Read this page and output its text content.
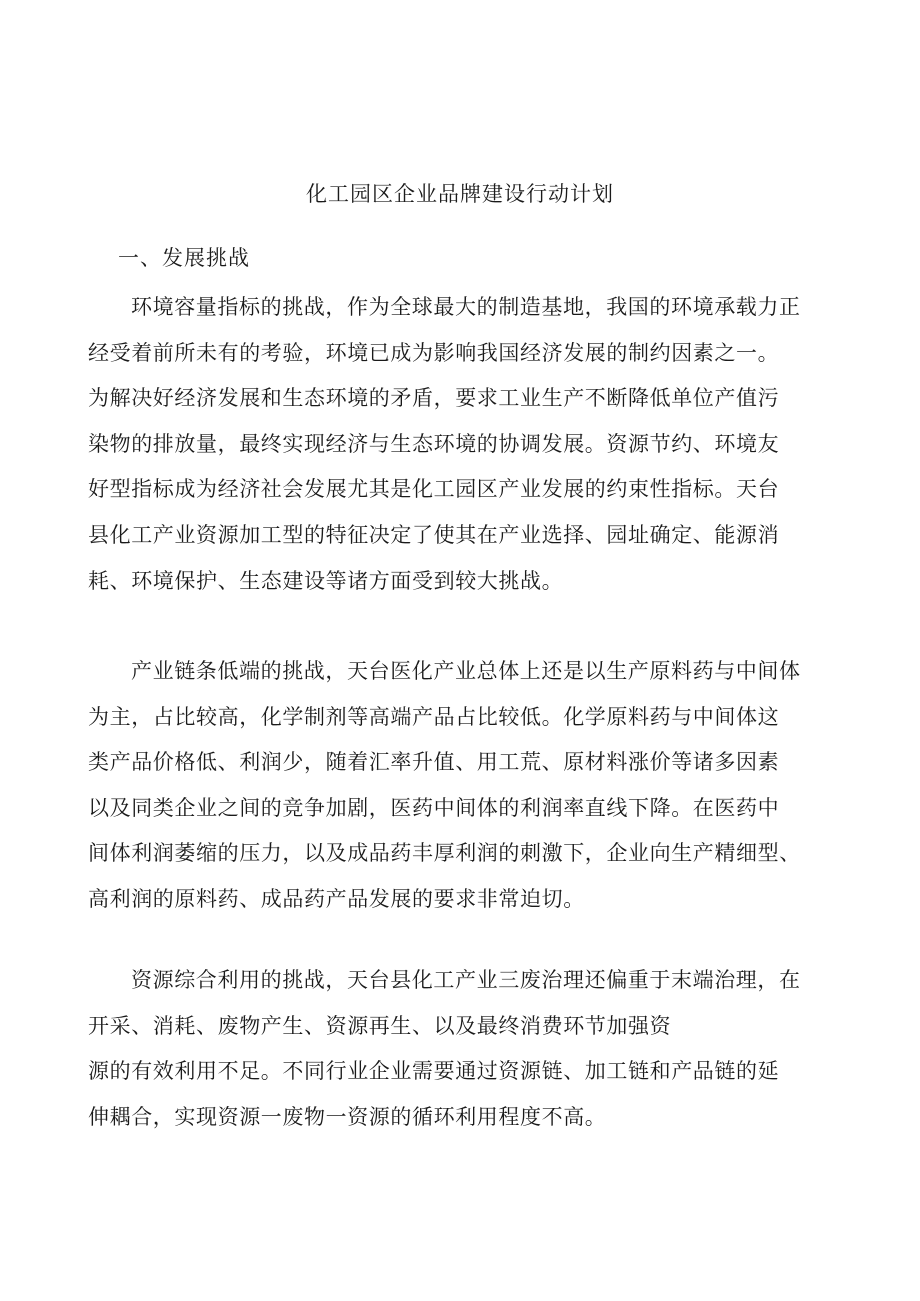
化工园区企业品牌建设行动计划
一、发展挑战
环境容量指标的挑战，作为全球最大的制造基地，我国的环境承载力正
经受着前所未有的考验，环境已成为影响我国经济发展的制约因素之一。
为解决好经济发展和生态环境的矛盾，要求工业生产不断降低单位产值污
染物的排放量，最终实现经济与生态环境的协调发展。资源节约、环境友
好型指标成为经济社会发展尤其是化工园区产业发展的约束性指标。天台
县化工产业资源加工型的特征决定了使其在产业选择、园址确定、能源消
耗、环境保护、生态建设等诸方面受到较大挑战。
产业链条低端的挑战，天台医化产业总体上还是以生产原料药与中间体
为主，占比较高，化学制剂等高端产品占比较低。化学原料药与中间体这
类产品价格低、利润少，随着汇率升值、用工荒、原材料涨价等诸多因素
以及同类企业之间的竞争加剧，医药中间体的利润率直线下降。在医药中
间体利润萎缩的压力，以及成品药丰厚利润的刺激下，企业向生产精细型、
高利润的原料药、成品药产品发展的要求非常迫切。
资源综合利用的挑战，天台县化工产业三废治理还偏重于末端治理，在
开采、消耗、废物产生、资源再生、以及最终消费环节加强资
源的有效利用不足。不同行业企业需要通过资源链、加工链和产品链的延
伸耦合，实现资源一废物一资源的循环利用程度不高。
